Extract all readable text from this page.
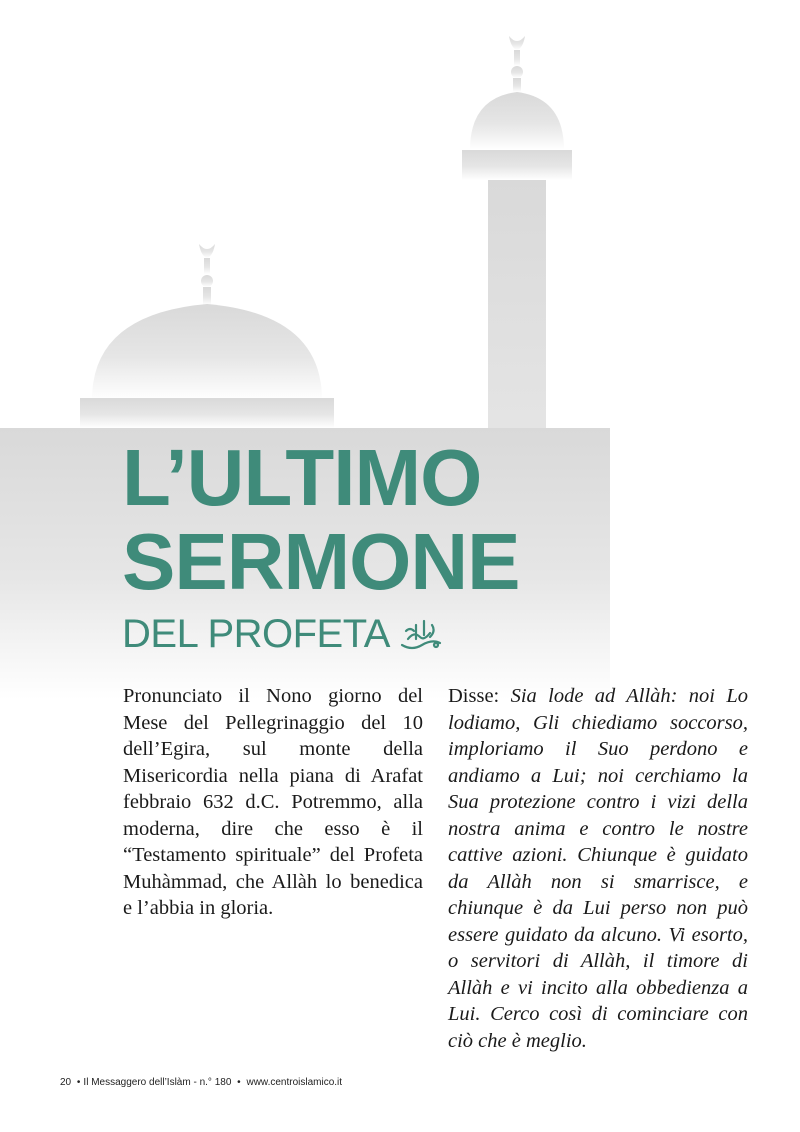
L’ULTIMO
SERMONE
DEL PROFETA
Pronunciato il Nono giorno del Mese del Pellegrinaggio del 10 dell’Egira, sul monte della Misericordia nella piana di Arafat febbraio 632 d.C. Potremmo, alla moderna, dire che esso è il “Testamento spirituale” del Profeta Muhàmmad, che Allàh lo benedica e l’abbia in gloria.
Disse: Sia lode ad Allàh: noi Lo lodiamo, Gli chiediamo soccorso, imploriamo il Suo perdono e andiamo a Lui; noi cerchiamo la Sua protezione contro i vizi della nostra anima e contro le nostre cattive azioni. Chiunque è guidato da Allàh non si smarrisce, e chiunque è da Lui perso non può essere guidato da alcuno. Vi esorto, o servitori di Allàh, il timore di Allàh e vi incito alla obbedienza a Lui. Cerco così di cominciare con ciò che è meglio.
20 • Il Messaggero dell’Islàm - n.° 180 • www.centroislamico.it
